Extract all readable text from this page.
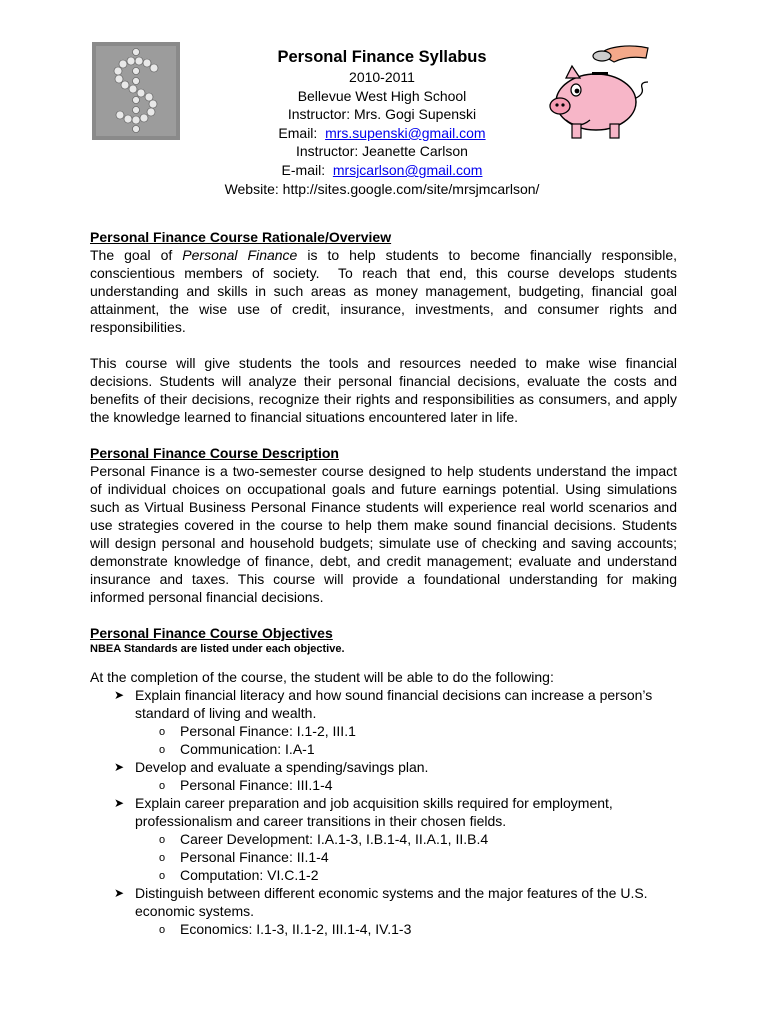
Personal Finance Syllabus
2010-2011
Bellevue West High School
Instructor: Mrs. Gogi Supenski
Email:  mrs.supenski@gmail.com
Instructor: Jeanette Carlson
E-mail:  mrsjcarlson@gmail.com
Website: http://sites.google.com/site/mrsjmcarlson/
Personal Finance Course Rationale/Overview

The goal of Personal Finance is to help students to become financially responsible, conscientious members of society.  To reach that end, this course develops students understanding and skills in such areas as money management, budgeting, financial goal attainment, the wise use of credit, insurance, investments, and consumer rights and responsibilities.

This course will give students the tools and resources needed to make wise financial decisions. Students will analyze their personal financial decisions, evaluate the costs and benefits of their decisions, recognize their rights and responsibilities as consumers, and apply the knowledge learned to financial situations encountered later in life.

Personal Finance Course Description

Personal Finance is a two-semester course designed to help students understand the impact of individual choices on occupational goals and future earnings potential. Using simulations such as Virtual Business Personal Finance students will experience real world scenarios and use strategies covered in the course to help them make sound financial decisions. Students will design personal and household budgets; simulate use of checking and saving accounts; demonstrate knowledge of finance, debt, and credit management; evaluate and understand insurance and taxes. This course will provide a foundational understanding for making informed personal financial decisions.

Personal Finance Course Objectives
NBEA Standards are listed under each objective.
At the completion of the course, the student will be able to do the following:
➤ Explain financial literacy and how sound financial decisions can increase a person’s standard of living and wealth.
o Personal Finance: I.1-2, III.1
o Communication: I.A-1
➤ Develop and evaluate a spending/savings plan.
o Personal Finance: III.1-4
➤ Explain career preparation and job acquisition skills required for employment, professionalism and career transitions in their chosen fields.
o Career Development: I.A.1-3, I.B.1-4, II.A.1, II.B.4
o Personal Finance: II.1-4
o Computation: VI.C.1-2
➤ Distinguish between different economic systems and the major features of the U.S. economic systems.
o Economics: I.1-3, II.1-2, III.1-4, IV.1-3
